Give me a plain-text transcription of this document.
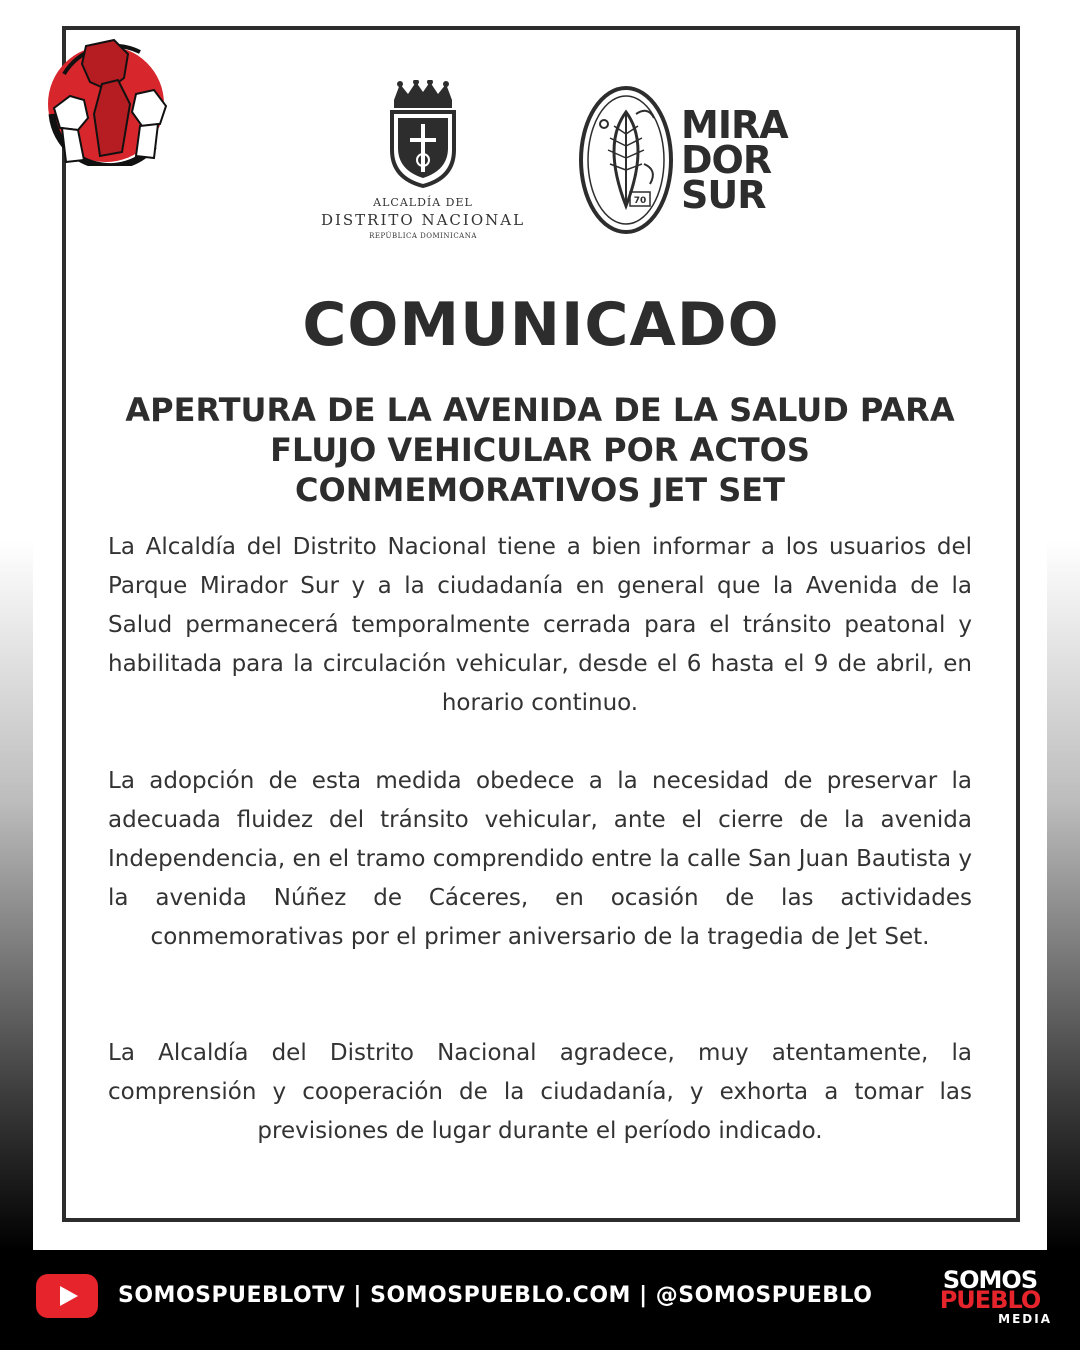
ALCALDÍA DEL
DISTRITO NACIONAL
REPÚBLICA DOMINICANA
70
MIRA
DOR
SUR
COMUNICADO
APERTURA DE LA AVENIDA DE LA SALUD PARA FLUJO VEHICULAR POR ACTOS CONMEMORATIVOS JET SET

La Alcaldía del Distrito Nacional tiene a bien informar a los usuarios del Parque Mirador Sur y a la ciudadanía en general que la Avenida de la Salud permanecerá temporalmente cerrada para el tránsito peatonal y habilitada para la circulación vehicular, desde el 6 hasta el 9 de abril, en horario continuo.

La adopción de esta medida obedece a la necesidad de preservar la adecuada fluidez del tránsito vehicular, ante el cierre de la avenida Independencia, en el tramo comprendido entre la calle San Juan Bautista y la avenida Núñez de Cáceres, en ocasión de las actividades conmemorativas por el primer aniversario de la tragedia de Jet Set.

La Alcaldía del Distrito Nacional agradece, muy atentamente, la comprensión y cooperación de la ciudadanía, y exhorta a tomar las previsiones de lugar durante el período indicado.

SOMOSPUEBLOTV | SOMOSPUEBLO.COM | @SOMOSPUEBLO
SOMOS
PUEBLO
MEDIA
